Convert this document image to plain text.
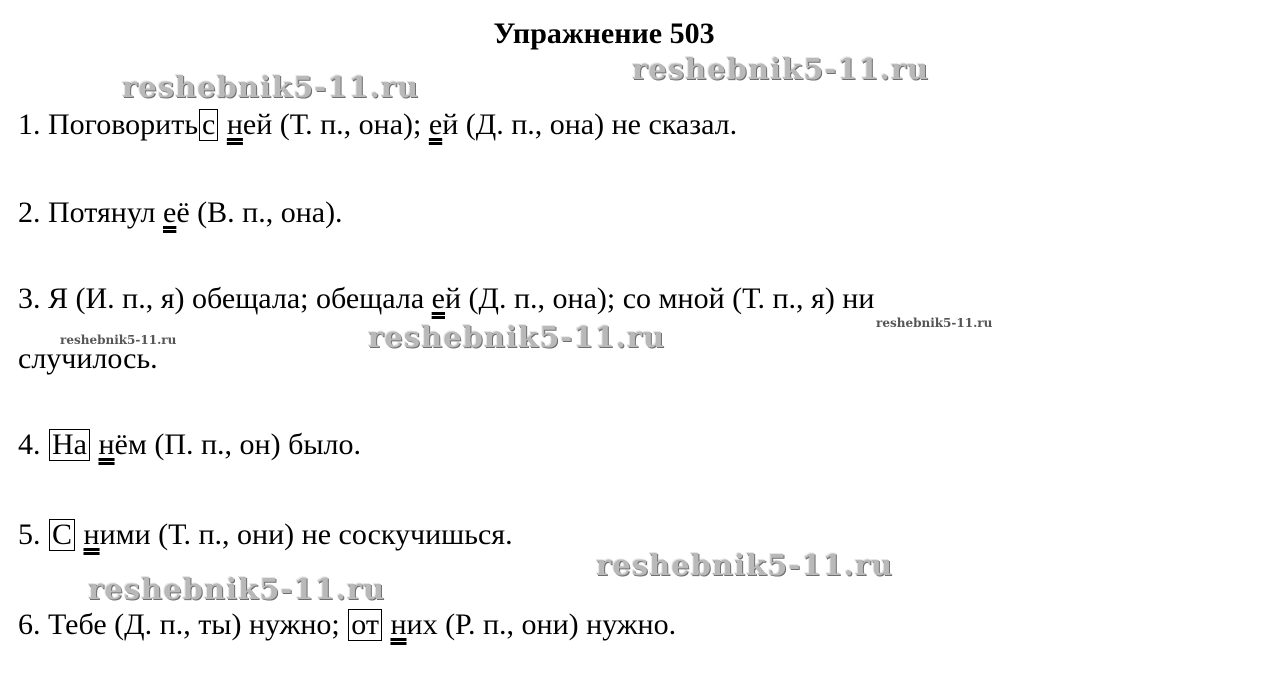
Упражнение 503
reshebnik5-11.ru
reshebnik5-11.ru
reshebnik5-11.ru
reshebnik5-11.ru
reshebnik5-11.ru
reshebnik5-11.ru
reshebnik5-11.ru
1. Поговорить с ней (Т. п., она); ей (Д. п., она) не сказал.
2. Потянул её (В. п., она).
3. Я (И. п., я) обещала; обещала ей (Д. п., она); со мной (Т. п., я) ни
случилось.
4. На нём (П. п., он) было.
5. С ними (Т. п., они) не соскучишься.
6. Тебе (Д. п., ты) нужно; от них (Р. п., они) нужно.
